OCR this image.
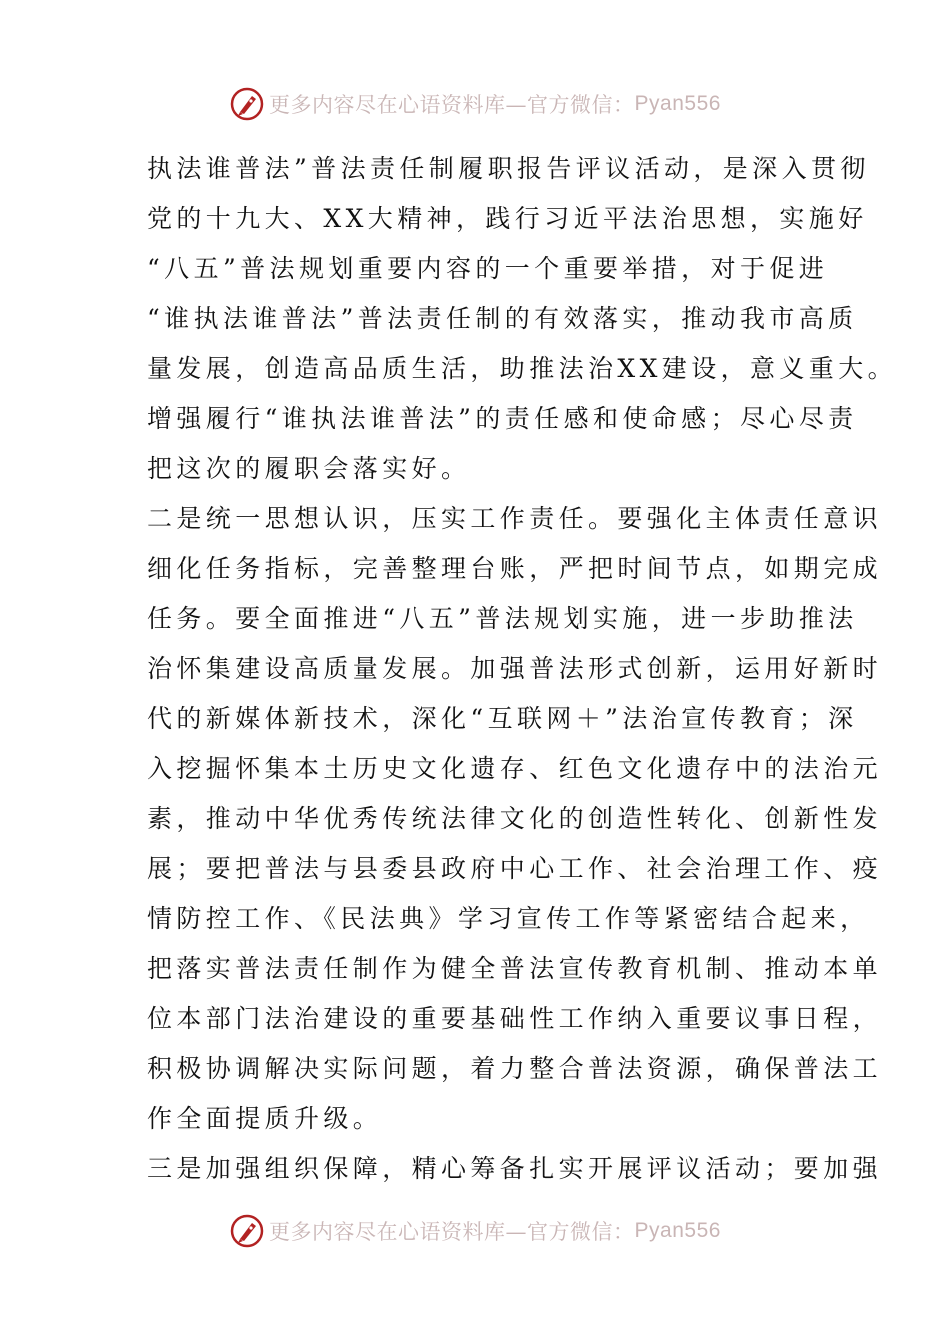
更多内容尽在心语资料库—官方微信： Pyan556
执法谁普法”普法责任制履职报告评议活动，是深入贯彻
党的十九大、XX大精神，践行习近平法治思想，实施好
“八五”普法规划重要内容的一个重要举措，对于促进
“谁执法谁普法”普法责任制的有效落实，推动我市高质
量发展，创造高品质生活，助推法治XX建设，意义重大。
增强履行“谁执法谁普法”的责任感和使命感；尽心尽责
把这次的履职会落实好。
二是统一思想认识，压实工作责任。要强化主体责任意识
细化任务指标，完善整理台账，严把时间节点，如期完成
任务。要全面推进“八五”普法规划实施，进一步助推法
治怀集建设高质量发展。加强普法形式创新，运用好新时
代的新媒体新技术，深化“互联网＋”法治宣传教育；深
入挖掘怀集本土历史文化遗存、红色文化遗存中的法治元
素，推动中华优秀传统法律文化的创造性转化、创新性发
展；要把普法与县委县政府中心工作、社会治理工作、疫
情防控工作、《民法典》学习宣传工作等紧密结合起来，
把落实普法责任制作为健全普法宣传教育机制、推动本单
位本部门法治建设的重要基础性工作纳入重要议事日程，
积极协调解决实际问题，着力整合普法资源，确保普法工
作全面提质升级。
三是加强组织保障，精心筹备扎实开展评议活动；要加强
更多内容尽在心语资料库—官方微信： Pyan556
